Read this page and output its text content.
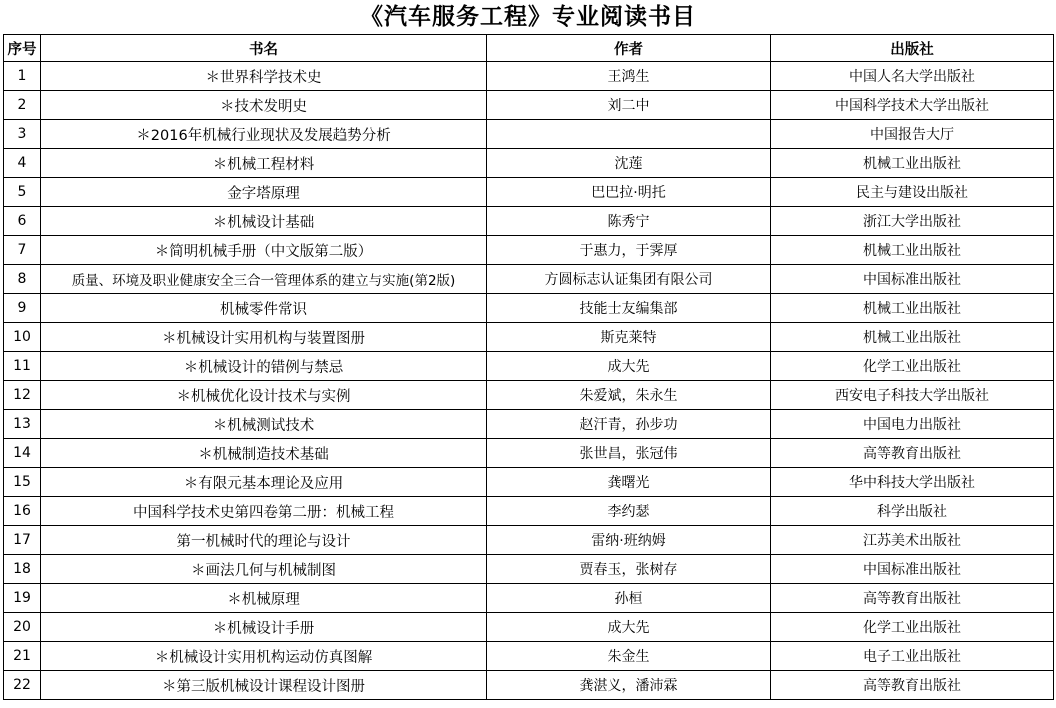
《汽车服务工程》专业阅读书目
序号	书名	作者	出版社
1	＊世界科学技术史	王鸿生	中国人名大学出版社
2	＊技术发明史	刘二中	中国科学技术大学出版社
3	＊2016年机械行业现状及发展趋势分析		中国报告大厅
4	＊机械工程材料	沈莲	机械工业出版社
5	金字塔原理	巴巴拉·明托	民主与建设出版社
6	＊机械设计基础	陈秀宁	浙江大学出版社
7	＊简明机械手册（中文版第二版）	于惠力，于霁厚	机械工业出版社
8	质量、环境及职业健康安全三合一管理体系的建立与实施(第2版)	方圆标志认证集团有限公司	中国标准出版社
9	机械零件常识	技能士友编集部	机械工业出版社
10	＊机械设计实用机构与装置图册	斯克莱特	机械工业出版社
11	＊机械设计的错例与禁忌	成大先	化学工业出版社
12	＊机械优化设计技术与实例	朱爱斌，朱永生	西安电子科技大学出版社
13	＊机械测试技术	赵汗青，孙步功	中国电力出版社
14	＊机械制造技术基础	张世昌，张冠伟	高等教育出版社
15	＊有限元基本理论及应用	龚曙光	华中科技大学出版社
16	中国科学技术史第四卷第二册：机械工程	李约瑟	科学出版社
17	第一机械时代的理论与设计	雷纳·班纳姆	江苏美术出版社
18	＊画法几何与机械制图	贾春玉，张树存	中国标准出版社
19	＊机械原理	孙桓	高等教育出版社
20	＊机械设计手册	成大先	化学工业出版社
21	＊机械设计实用机构运动仿真图解	朱金生	电子工业出版社
22	＊第三版机械设计课程设计图册	龚湛义，潘沛霖	高等教育出版社
